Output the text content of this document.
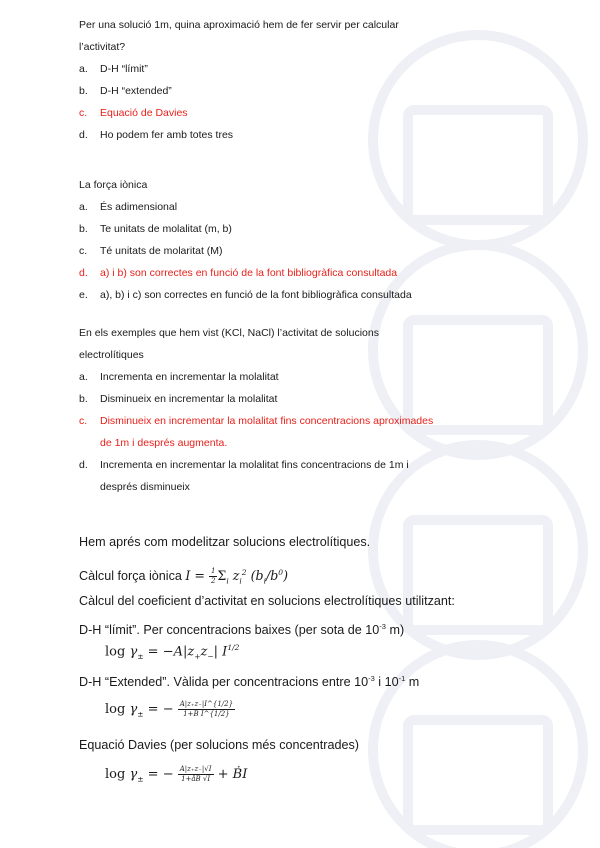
Per una solució 1m, quina aproximació hem de fer servir per calcular
l’activitat?
a.	D-H “límit”
b.	D-H “extended”
c.	Equació de Davies
d.	Ho podem fer amb totes tres
La força iònica
a.	És adimensional
b.	Te unitats de molalitat (m, b)
c.	Té unitats de molaritat (M)
d.	a) i b) son correctes en funció de la font bibliogràfica consultada
e.	a), b) i c) son correctes en funció de la font bibliogràfica consultada
En els exemples que hem vist (KCl, NaCl) l’activitat de solucions
electrolítiques
a.	Incrementa en incrementar la molalitat
b.	Disminueix en incrementar la molalitat
c.	Disminueix en incrementar la molalitat fins concentracions aproximades de 1m i després augmenta.
d.	Incrementa en incrementar la molalitat fins concentracions de 1m i després disminueix
Hem aprés com modelitzar solucions electrolítiques.
Càlcul força iònica $I = \frac{1}{2} \Sigma_i$ $z_i^2$ $(b_i/b^0)$
Càlcul del coeficient d’activitat en solucions electrolítiques utilitzant:
D-H “límit”. Per concentracions baixes (per sota de $10^{-3}$ m)
$\log \gamma_\pm = -A|z_+z_-|$ $I^{1/2}$
D-H “Extended”. Vàlida per concentracions entre $10^{-3}$ i $10^{-1}$ m
$\log \gamma_\pm$ = − $\frac{A|z_+z_-|I\^{}\{1/2\}}{\text{1+B I\textasciicircum{}\{1/2\}}}$
Equació Davies (per solucions més concentrades)
$\log \gamma_\pm$ = − $\frac{A|z_+z_-|√I}{1+åB √I}$ + ḂI
